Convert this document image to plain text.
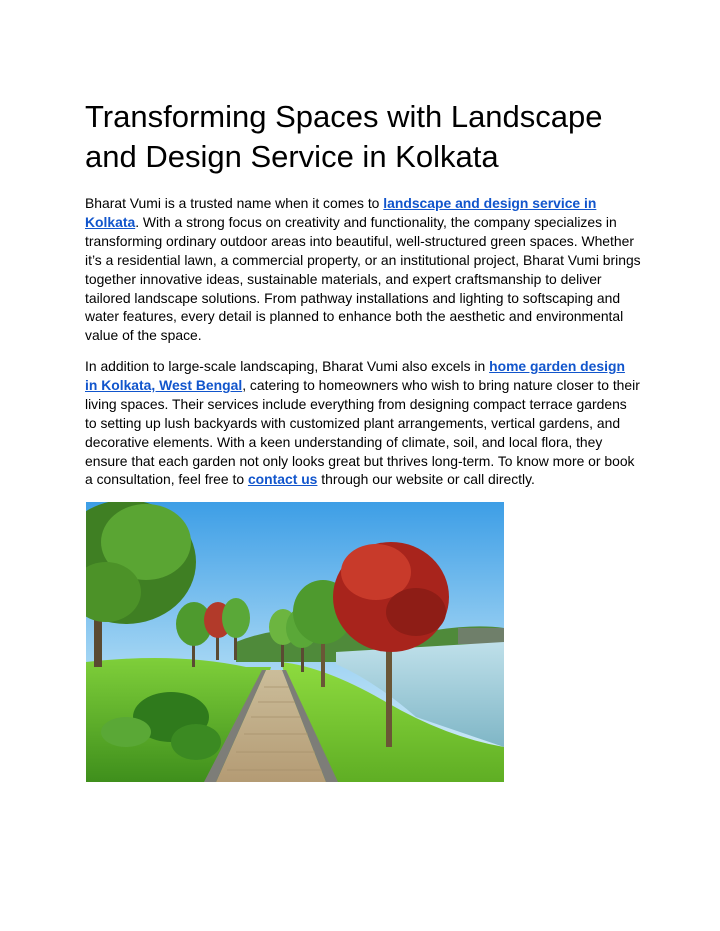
Transforming Spaces with Landscape and Design Service in Kolkata

Bharat Vumi is a trusted name when it comes to landscape and design service in Kolkata. With a strong focus on creativity and functionality, the company specializes in transforming ordinary outdoor areas into beautiful, well-structured green spaces. Whether it’s a residential lawn, a commercial property, or an institutional project, Bharat Vumi brings together innovative ideas, sustainable materials, and expert craftsmanship to deliver tailored landscape solutions. From pathway installations and lighting to softscaping and water features, every detail is planned to enhance both the aesthetic and environmental value of the space.

In addition to large-scale landscaping, Bharat Vumi also excels in home garden design in Kolkata, West Bengal, catering to homeowners who wish to bring nature closer to their living spaces. Their services include everything from designing compact terrace gardens to setting up lush backyards with customized plant arrangements, vertical gardens, and decorative elements. With a keen understanding of climate, soil, and local flora, they ensure that each garden not only looks great but thrives long-term. To know more or book a consultation, feel free to contact us through our website or call directly.
